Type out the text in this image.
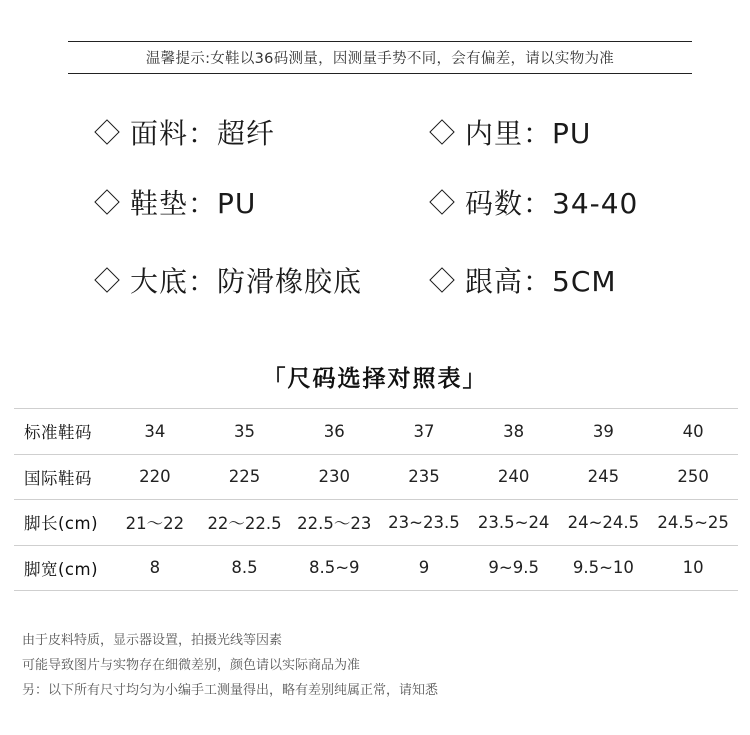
温馨提示:女鞋以36码测量，因测量手势不同，会有偏差，请以实物为准
面料：超纤	内里：PU
鞋垫：PU	码数：34-40
大底：防滑橡胶底	跟高：5CM
「尺码选择对照表」
标准鞋码	34	35	36	37	38	39	40
国际鞋码	220	225	230	235	240	245	250
脚长(cm)	21～22	22～22.5	22.5～23	23~23.5	23.5~24	24~24.5	24.5~25
脚宽(cm)	8	8.5	8.5~9	9	9~9.5	9.5~10	10
由于皮料特质，显示器设置，拍摄光线等因素
可能导致图片与实物存在细微差别，颜色请以实际商品为准
另：以下所有尺寸均匀为小编手工测量得出，略有差别纯属正常，请知悉
